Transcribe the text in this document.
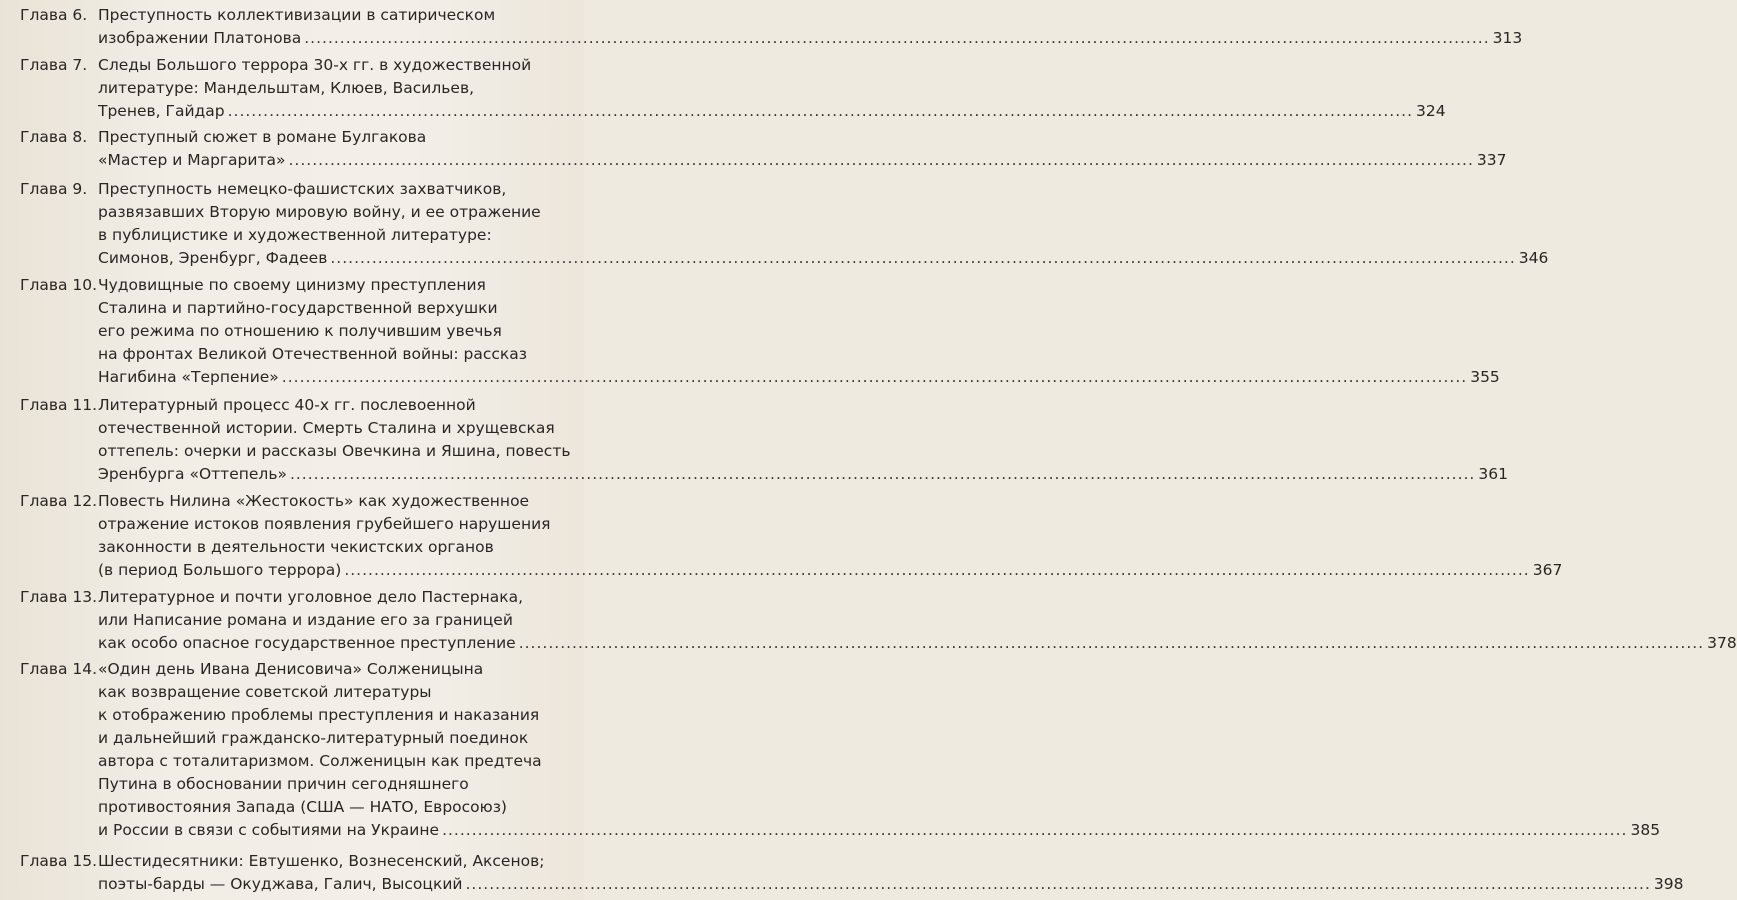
Глава 6. Преступность коллективизации в сатирическом
изображении Платонова .....	313
Глава 7. Следы Большого террора 30-х гг. в художественной
литературе: Мандельштам, Клюев, Васильев,
Тренев, Гайдар .....	324
Глава 8. Преступный сюжет в романе Булгакова
«Мастер и Маргарита» .....	337
Глава 9. Преступность немецко-фашистских захватчиков,
развязавших Вторую мировую войну, и ее отражение
в публицистике и художественной литературе:
Симонов, Эренбург, Фадеев .....	346
Глава 10. Чудовищные по своему цинизму преступления
Сталина и партийно-государственной верхушки
его режима по отношению к получившим увечья
на фронтах Великой Отечественной войны: рассказ
Нагибина «Терпение» .....	355
Глава 11. Литературный процесс 40-х гг. послевоенной
отечественной истории. Смерть Сталина и хрущевская
оттепель: очерки и рассказы Овечкина и Яшина, повесть
Эренбурга «Оттепель» .....	361
Глава 12. Повесть Нилина «Жестокость» как художественное
отражение истоков появления грубейшего нарушения
законности в деятельности чекистских органов
(в период Большого террора) .....	367
Глава 13. Литературное и почти уголовное дело Пастернака,
или Написание романа и издание его за границей
как особо опасное государственное преступление .....	378
Глава 14. «Один день Ивана Денисовича» Солженицына
как возвращение советской литературы
к отображению проблемы преступления и наказания
и дальнейший гражданско-литературный поединок
автора с тоталитаризмом. Солженицын как предтеча
Путина в обосновании причин сегодняшнего
противостояния Запада (США — НАТО, Евросоюз)
и России в связи с событиями на Украине .....	385
Глава 15. Шестидесятники: Евтушенко, Вознесенский, Аксенов;
поэты-барды — Окуджава, Галич, Высоцкий .....	398
